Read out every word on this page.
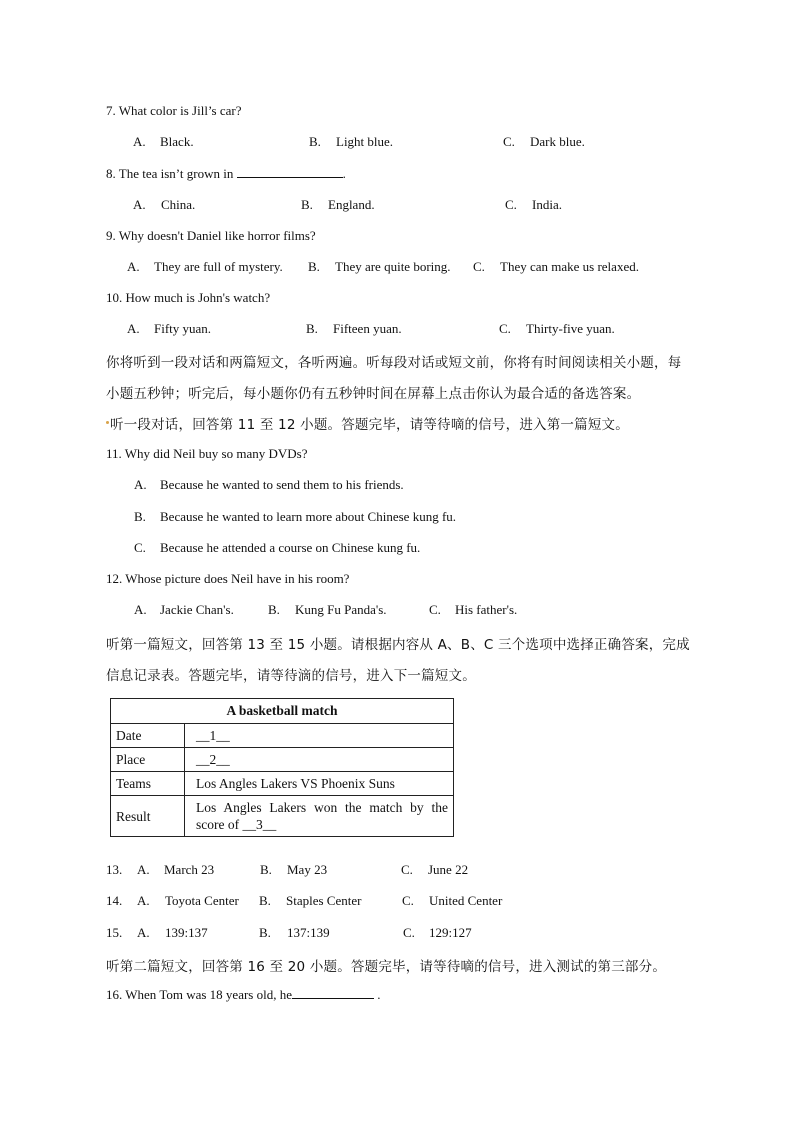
7. What color is Jill’s car?
A. Black.	B. Light blue.	C. Dark blue.
8. The tea isn’t grown in	.
A. China.	B. England.	C. India.
9. Why doesn't Daniel like horror films?
A. They are full of mystery. B. They are quite boring. C. They can make us relaxed.
10. How much is John's watch?
A. Fifty yuan.	B. Fifteen yuan.	C. Thirty-five yuan.
你将听到一段对话和两篇短文，各听两遍。听每段对话或短文前，你将有时间阅读相关小题，每
小题五秒钟；听完后，每小题你仍有五秒钟时间在屏幕上点击你认为最合适的备选答案。
听一段对话，回答第 11 至 12 小题。答题完毕，请等待嘀的信号，进入第一篇短文。
11. Why did Neil buy so many DVDs?
A. Because he wanted to send them to his friends.
B. Because he wanted to learn more about Chinese kung fu.
C. Because he attended a course on Chinese kung fu.
12. Whose picture does Neil have in his room?
A. Jackie Chan's.	B. Kung Fu Panda's.	C. His father's.
听第一篇短文，回答第 13 至 15 小题。请根据内容从 A、B、C 三个选项中选择正确答案，完成
信息记录表。答题完毕，请等待滴的信号，进入下一篇短文。
A basketball match	
Date	__1__
Place	__2__
Teams	Los Angles Lakers VS Phoenix Suns
Result	Los Angles Lakers won the match by the score of __3__
13. A. March 23	B. May 23	C. June 22
14. A. Toyota Center B. Staples Center	C. United Center
15. A. 139:137	B. 137:139	C. 129:127
听第二篇短文，回答第 16 至 20 小题。答题完毕，请等待嘀的信号，进入测试的第三部分。
16. When Tom was 18 years old, he	.
